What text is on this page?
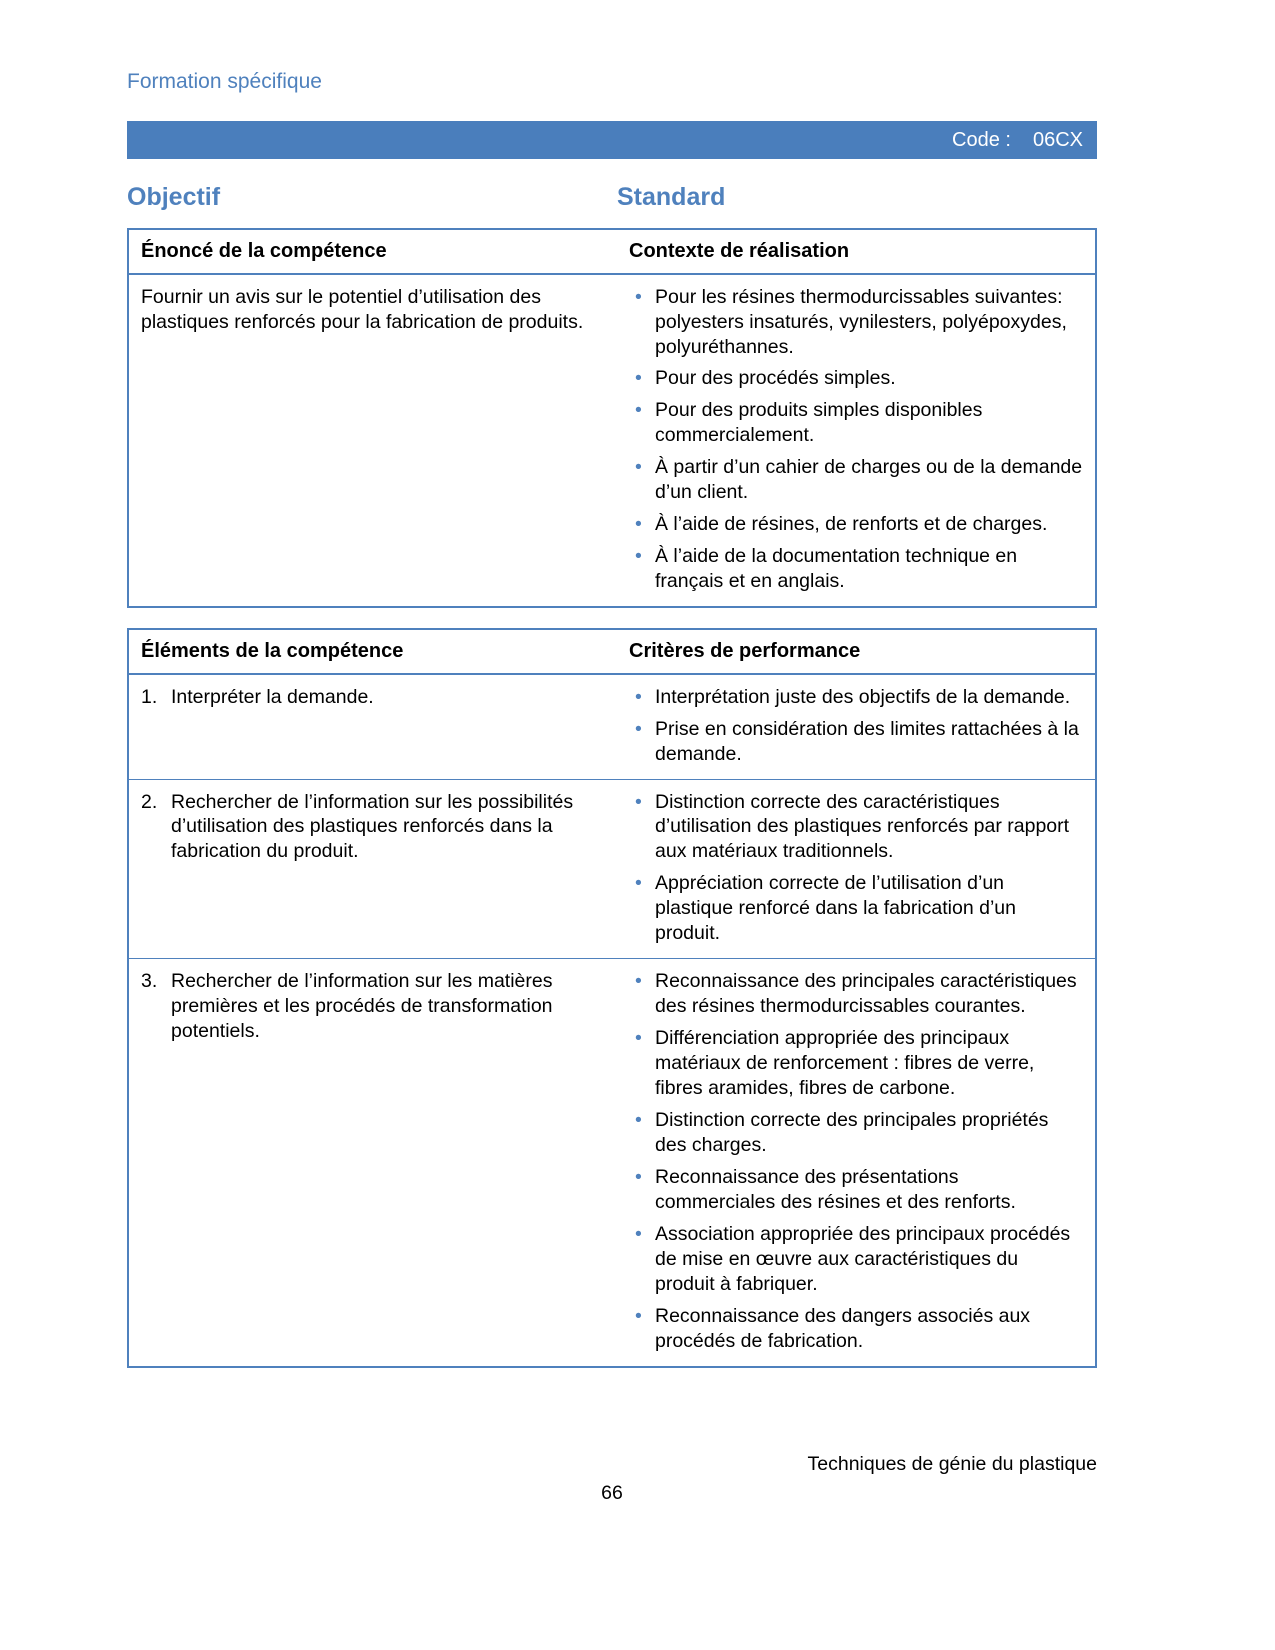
Formation spécifique
Code : 06CX
Objectif	Standard
Énoncé de la compétence	Contexte de réalisation
Fournir un avis sur le potentiel d’utilisation des plastiques renforcés pour la fabrication de produits.
• Pour les résines thermodurcissables suivantes: polyesters insaturés, vynilesters, polyépoxydes, polyuréthannes.
• Pour des procédés simples.
• Pour des produits simples disponibles commercialement.
• À partir d’un cahier de charges ou de la demande d’un client.
• À l’aide de résines, de renforts et de charges.
• À l’aide de la documentation technique en français et en anglais.
Éléments de la compétence	Critères de performance
1. Interpréter la demande.	• Interprétation juste des objectifs de la demande.
• Prise en considération des limites rattachées à la demande.
2. Rechercher de l’information sur les possibilités d’utilisation des plastiques renforcés dans la fabrication du produit.
• Distinction correcte des caractéristiques d’utilisation des plastiques renforcés par rapport aux matériaux traditionnels.
• Appréciation correcte de l’utilisation d’un plastique renforcé dans la fabrication d’un produit.
3. Rechercher de l’information sur les matières premières et les procédés de transformation potentiels.
• Reconnaissance des principales caractéristiques des résines thermodurcissables courantes.
• Différenciation appropriée des principaux matériaux de renforcement : fibres de verre, fibres aramides, fibres de carbone.
• Distinction correcte des principales propriétés des charges.
• Reconnaissance des présentations commerciales des résines et des renforts.
• Association appropriée des principaux procédés de mise en œuvre aux caractéristiques du produit à fabriquer.
• Reconnaissance des dangers associés aux procédés de fabrication.
Techniques de génie du plastique
66
